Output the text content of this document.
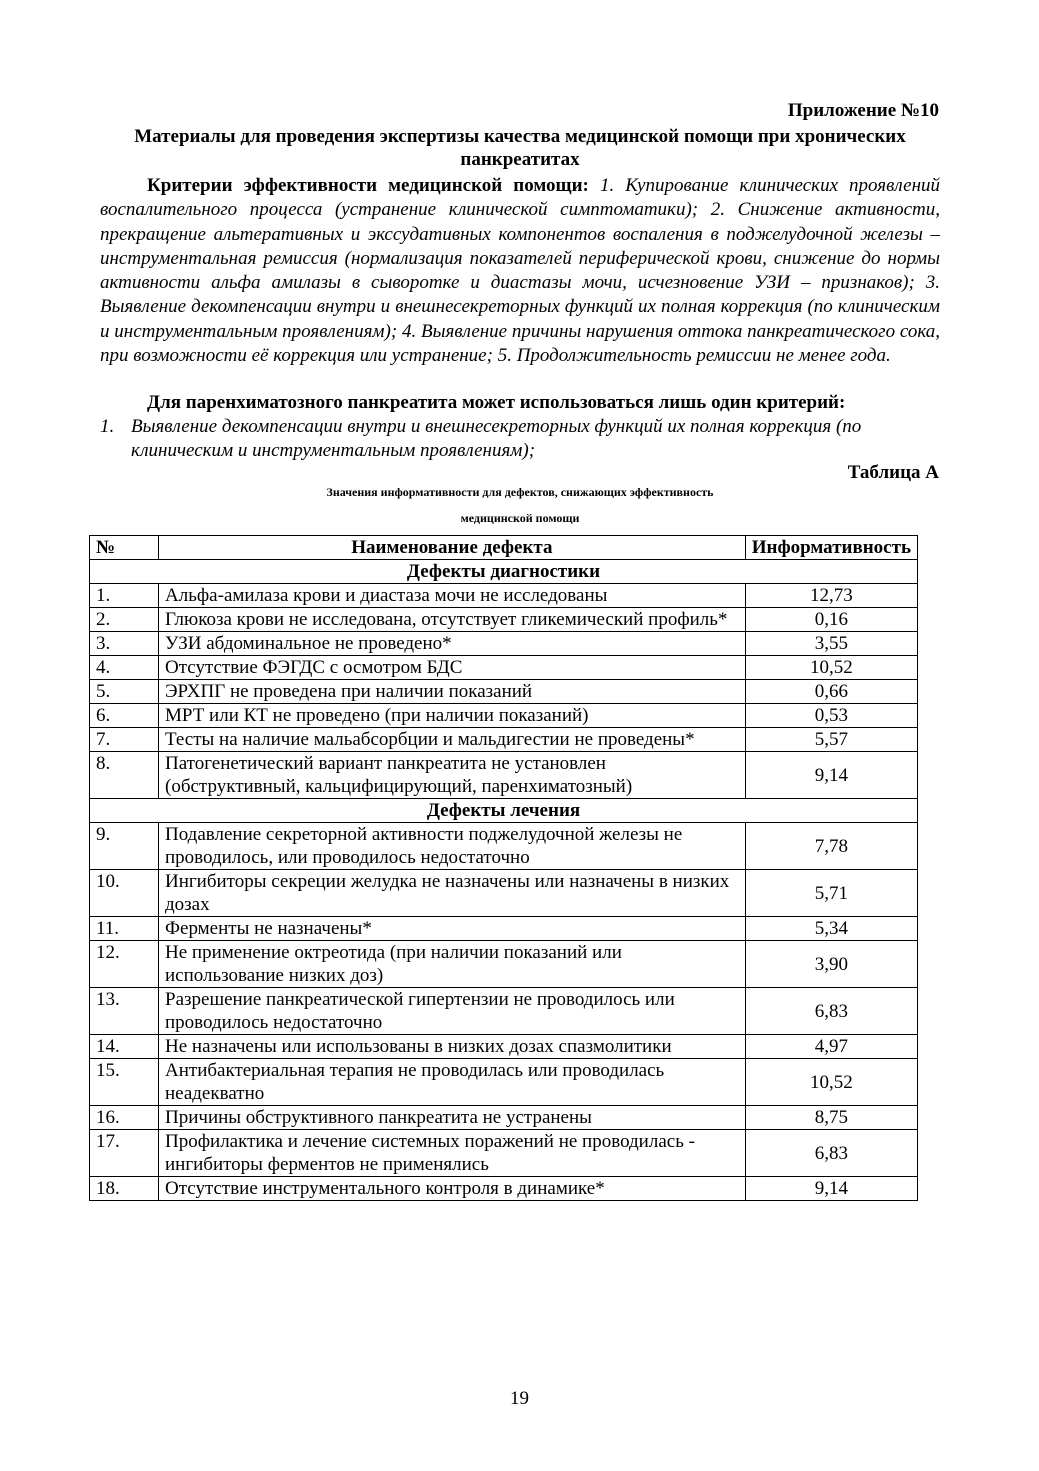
Приложение №10
Материалы для проведения экспертизы качества медицинской помощи при хронических панкреатитах
Критерии эффективности медицинской помощи: 1. Купирование клинических проявлений воспалительного процесса (устранение клинической симптоматики); 2. Снижение активности, прекращение альтеративных и экссудативных компонентов воспаления в поджелудочной железы – инструментальная ремиссия (нормализация показателей периферической крови, снижение до нормы активности альфа амилазы в сыворотке и диастазы мочи, исчезновение УЗИ – признаков); 3. Выявление декомпенсации внутри и внешнесекреторных функций их полная коррекция (по клиническим и инструментальным проявлениям); 4. Выявление причины нарушения оттока панкреатического сока, при возможности её коррекция или устранение; 5. Продолжительность ремиссии не менее года.
Для паренхиматозного панкреатита может использоваться лишь один критерий:
1. Выявление декомпенсации внутри и внешнесекреторных функций их полная коррекция (по клиническим и инструментальным проявлениям);
Таблица А
Значения информативности для дефектов, снижающих эффективность
медицинской помощи
№	Наименование дефекта	Информативность
Дефекты диагностики		
1.	Альфа-амилаза крови и диастаза мочи не исследованы	12,73
2.	Глюкоза крови не исследована, отсутствует гликемический профиль*	0,16
3.	УЗИ абдоминальное не проведено*	3,55
4.	Отсутствие ФЭГДС с осмотром БДС	10,52
5.	ЭРХПГ не проведена при наличии показаний	0,66
6.	МРТ или КТ не проведено (при наличии показаний)	0,53
7.	Тесты на наличие мальабсорбции и мальдигестии не проведены*	5,57
8.	Патогенетический вариант панкреатита не установлен (обструктивный, кальцифицирующий, паренхиматозный)	9,14
Дефекты лечения		
9.	Подавление секреторной активности поджелудочной железы не проводилось, или проводилось недостаточно	7,78
10.	Ингибиторы секреции желудка не назначены или назначены в низких дозах	5,71
11.	Ферменты не назначены*	5,34
12.	Не применение октреотида (при наличии показаний или использование низких доз)	3,90
13.	Разрешение панкреатической гипертензии не проводилось или проводилось недостаточно	6,83
14.	Не назначены или использованы в низких дозах спазмолитики	4,97
15.	Антибактериальная терапия не проводилась или проводилась неадекватно	10,52
16.	Причины обструктивного панкреатита не устранены	8,75
17.	Профилактика и лечение системных поражений не проводилась - ингибиторы ферментов не применялись	6,83
18.	Отсутствие инструментального контроля в динамике*	9,14
19
